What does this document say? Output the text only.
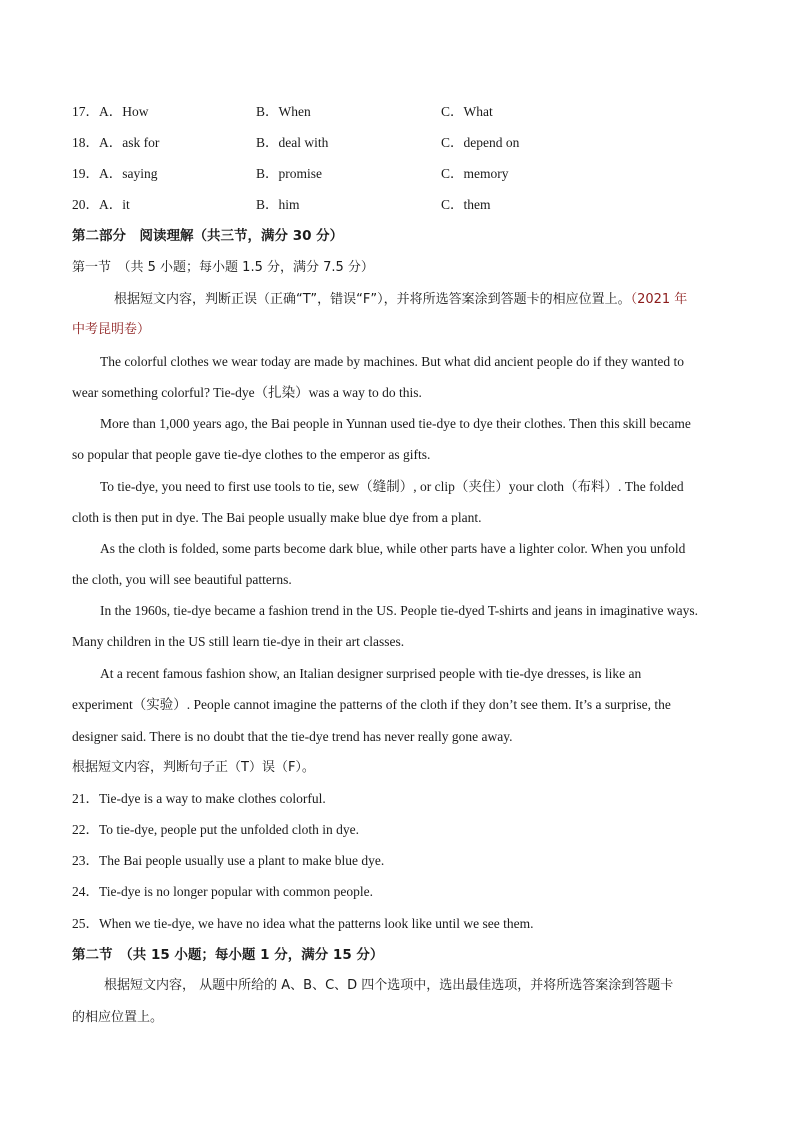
17．A．How	B．When	C．What
18．A．ask for	B．deal with	C．depend on
19．A．saying	B．promise	C．memory
20．A．it	B．him	C．them
第二部分　阅读理解（共三节，满分 30 分）
第一节　（共 5 小题；每小题 1.5 分，满分 7.5 分）
根据短文内容，判断正误（正确“T”，错误“F”），并将所选答案涂到答题卡的相应位置上。（2021 年
中考昆明卷）
The colorful clothes we wear today are made by machines. But what did ancient people do if they wanted to
wear something colorful? Tie-dye（扎染）was a way to do this.
More than 1,000 years ago, the Bai people in Yunnan used tie-dye to dye their clothes. Then this skill became
so popular that people gave tie-dye clothes to the emperor as gifts.
To tie-dye, you need to first use tools to tie, sew（缝制）, or clip（夹住）your cloth（布料）. The folded
cloth is then put in dye. The Bai people usually make blue dye from a plant.
As the cloth is folded, some parts become dark blue, while other parts have a lighter color. When you unfold
the cloth, you will see beautiful patterns.
In the 1960s, tie-dye became a fashion trend in the US. People tie-dyed T-shirts and jeans in imaginative ways.
Many children in the US still learn tie-dye in their art classes.
At a recent famous fashion show, an Italian designer surprised people with tie-dye dresses, is like an
experiment（实验）. People cannot imagine the patterns of the cloth if they don’t see them. It’s a surprise, the
designer said. There is no doubt that the tie-dye trend has never really gone away.
根据短文内容，判断句子正（T）误（F）。
21．Tie-dye is a way to make clothes colorful.
22．To tie-dye, people put the unfolded cloth in dye.
23．The Bai people usually use a plant to make blue dye.
24．Tie-dye is no longer popular with common people.
25．When we tie-dye, we have no idea what the patterns look like until we see them.
第二节　（共 15 小题；每小题 1 分，满分 15 分）
根据短文内容， 从题中所给的 A、B、C、D 四个选项中，选出最佳选项，并将所选答案涂到答题卡
的相应位置上。
